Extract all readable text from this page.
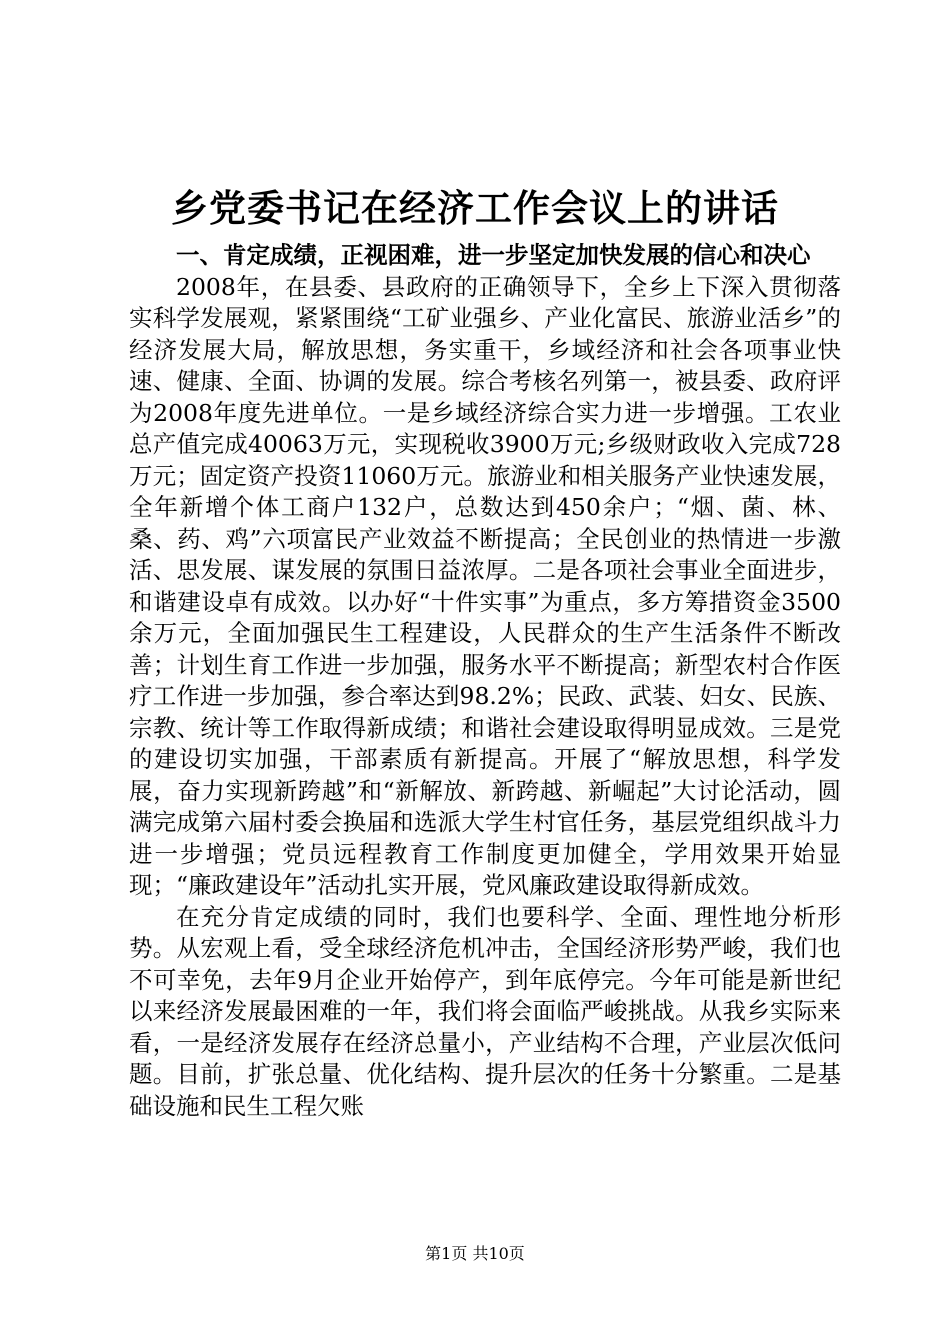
乡党委书记在经济工作会议上的讲话

一、肯定成绩，正视困难，进一步坚定加快发展的信心和决心

2008年，在县委、县政府的正确领导下，全乡上下深入贯彻落实科学发展观，紧紧围绕“工矿业强乡、产业化富民、旅游业活乡”的经济发展大局，解放思想，务实重干，乡域经济和社会各项事业快速、健康、全面、协调的发展。综合考核名列第一，被县委、政府评为2008年度先进单位。一是乡域经济综合实力进一步增强。工农业总产值完成40063万元，实现税收3900万元;乡级财政收入完成728万元；固定资产投资11060万元。旅游业和相关服务产业快速发展，全年新增个体工商户132户，总数达到450余户；“烟、菌、林、桑、药、鸡”六项富民产业效益不断提高；全民创业的热情进一步激活、思发展、谋发展的氛围日益浓厚。二是各项社会事业全面进步，和谐建设卓有成效。以办好“十件实事”为重点，多方筹措资金3500余万元，全面加强民生工程建设，人民群众的生产生活条件不断改善；计划生育工作进一步加强，服务水平不断提高；新型农村合作医疗工作进一步加强，参合率达到98.2%；民政、武装、妇女、民族、宗教、统计等工作取得新成绩；和谐社会建设取得明显成效。三是党的建设切实加强，干部素质有新提高。开展了“解放思想，科学发展，奋力实现新跨越”和“新解放、新跨越、新崛起”大讨论活动，圆满完成第六届村委会换届和选派大学生村官任务，基层党组织战斗力进一步增强；党员远程教育工作制度更加健全，学用效果开始显现；“廉政建设年”活动扎实开展，党风廉政建设取得新成效。

在充分肯定成绩的同时，我们也要科学、全面、理性地分析形势。从宏观上看，受全球经济危机冲击，全国经济形势严峻，我们也不可幸免，去年9月企业开始停产，到年底停完。今年可能是新世纪以来经济发展最困难的一年，我们将会面临严峻挑战。从我乡实际来看，一是经济发展存在经济总量小，产业结构不合理，产业层次低问题。目前，扩张总量、优化结构、提升层次的任务十分繁重。二是基础设施和民生工程欠账

第1页 共10页
